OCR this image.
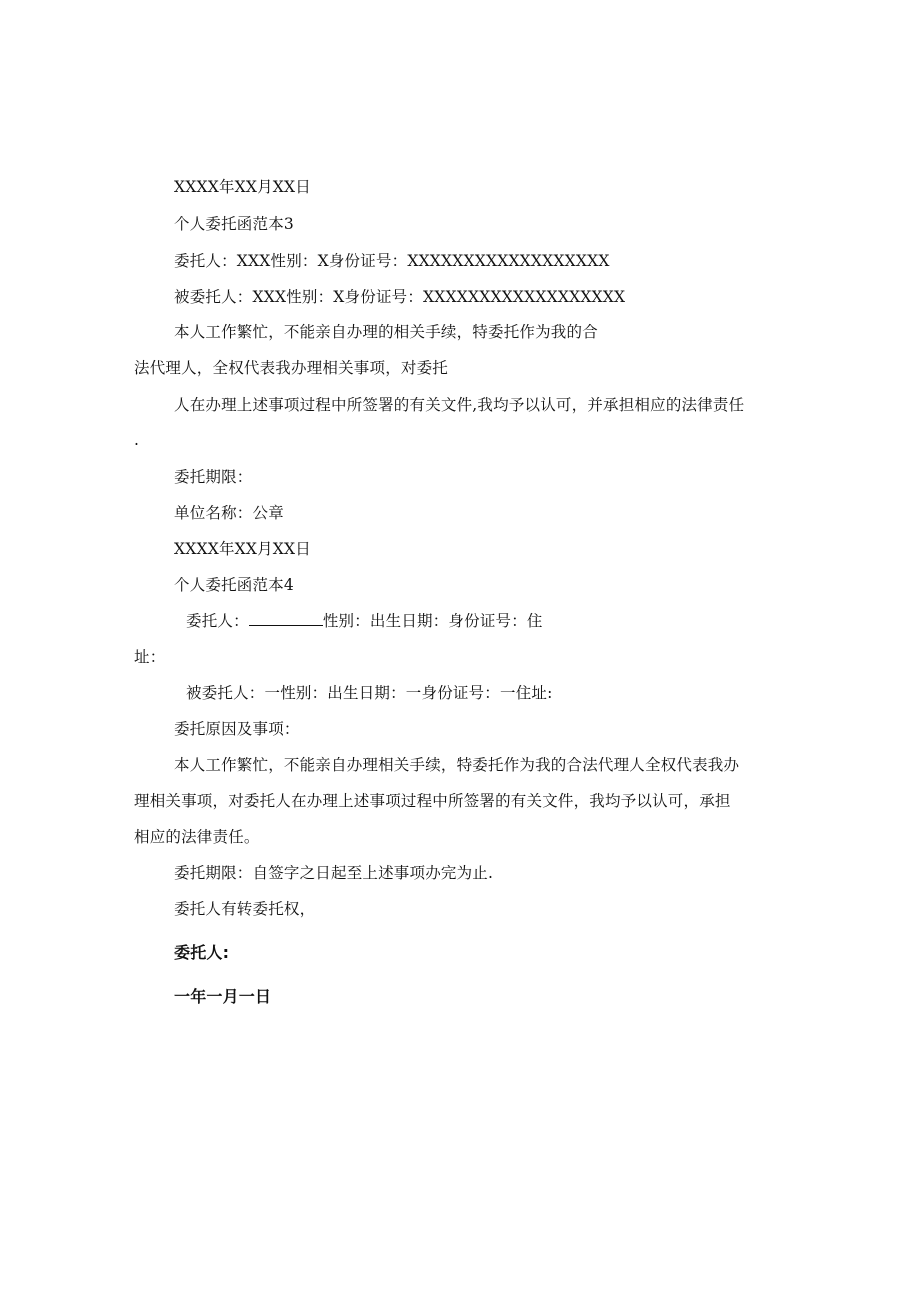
XXXX年XX月XX日
个人委托函范本3
委托人：XXX性别：X身份证号：XXXXXXXXXXXXXXXXXX
被委托人：XXX性别：X身份证号：XXXXXXXXXXXXXXXXXX
本人工作繁忙，不能亲自办理的相关手续，特委托作为我的合
法代理人，全权代表我办理相关事项，对委托
人在办理上述事项过程中所签署的有关文件,我均予以认可，并承担相应的法律责任
.
委托期限：
单位名称：公章
XXXX年XX月XX日
个人委托函范本4
委托人：	性别：出生日期：身份证号：住
址：
被委托人：一性别：出生日期：一身份证号：一住址:
委托原因及事项：
本人工作繁忙，不能亲自办理相关手续，特委托作为我的合法代理人全权代表我办
理相关事项，对委托人在办理上述事项过程中所签署的有关文件，我均予以认可，承担
相应的法律责任。
委托期限：自签字之日起至上述事项办完为止.
委托人有转委托权，
委托人:
一年一月一日
